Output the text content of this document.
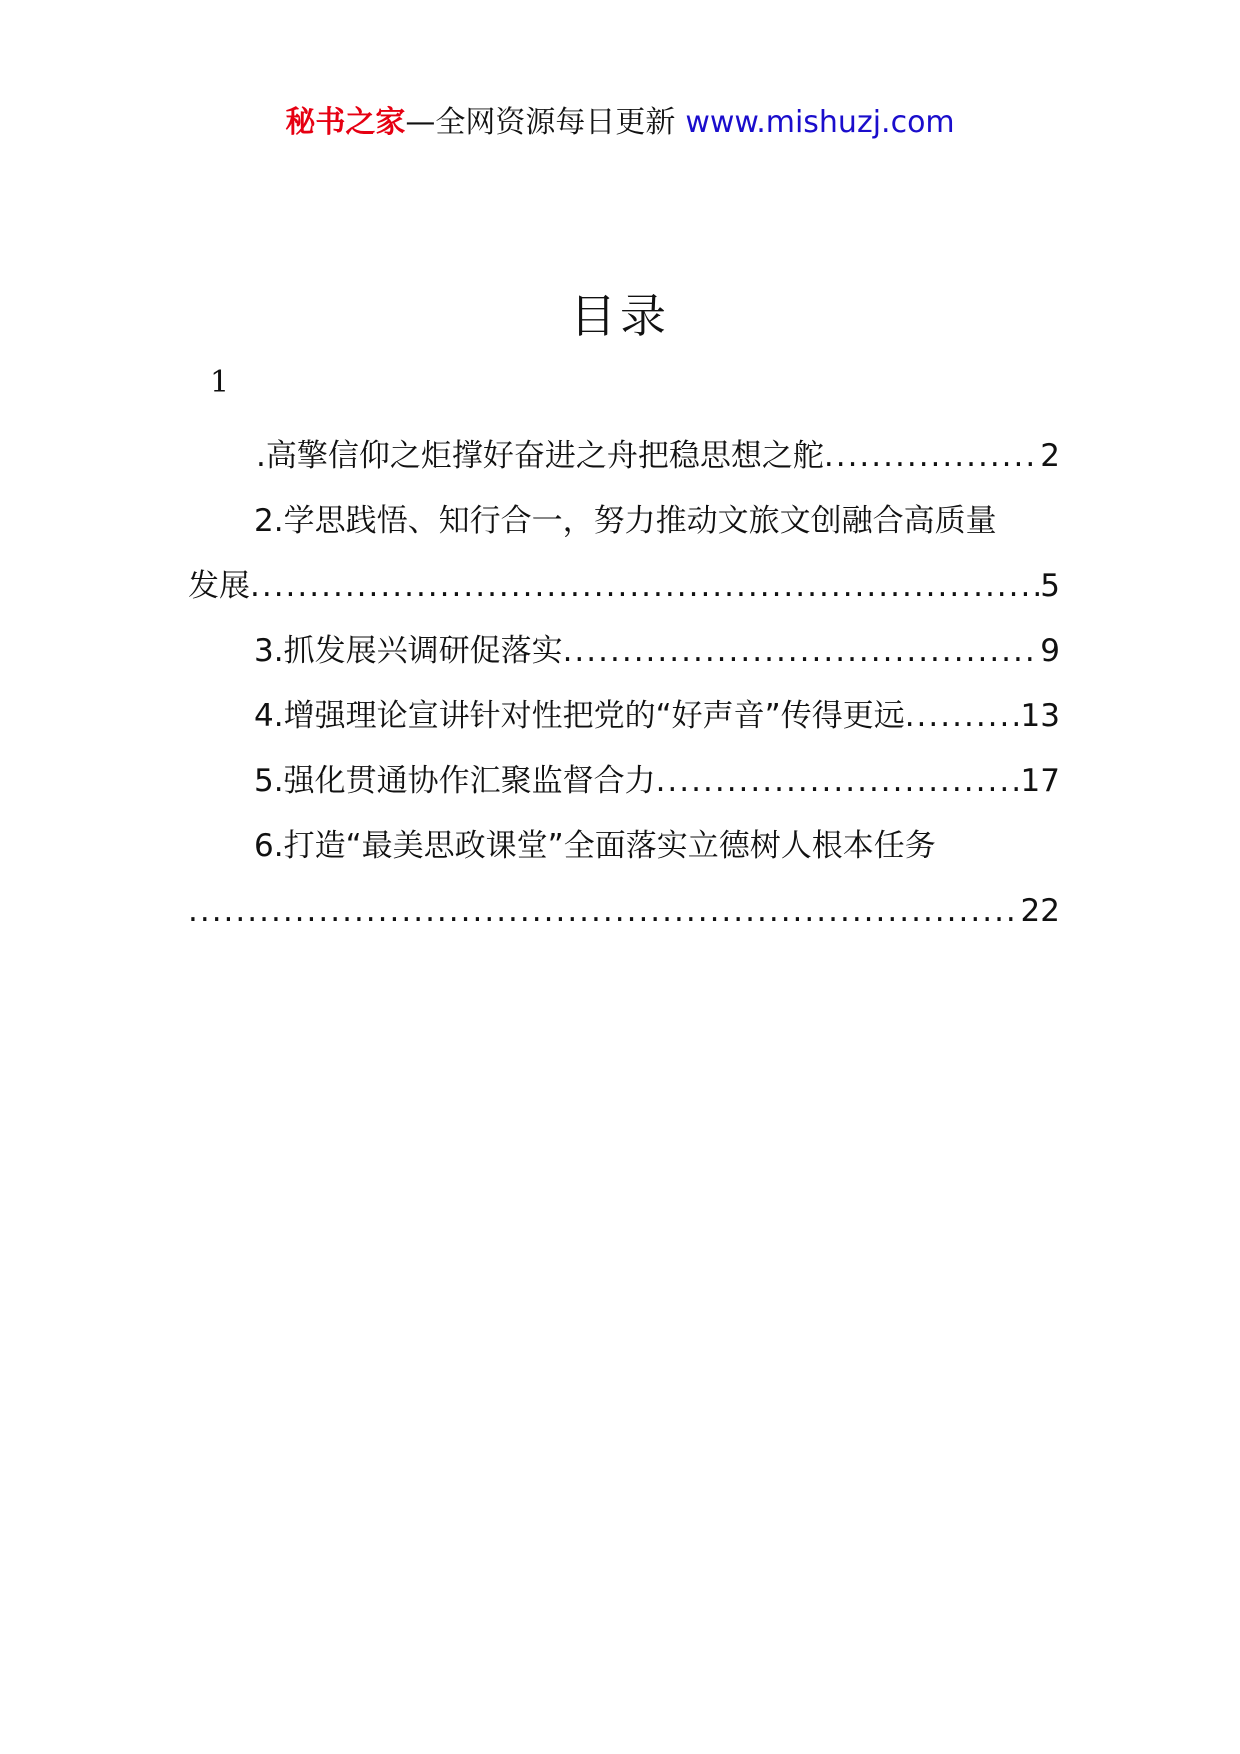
秘书之家—全网资源每日更新 www.mishuzj.com
目录
1
.高擎信仰之炬撑好奋进之舟把稳思想之舵 .....	2
2.学思践悟、知行合一，努力推动文旅文创融合高质量
发展 .....	5
3.抓发展兴调研促落实 .....	9
4.增强理论宣讲针对性把党的“好声音”传得更远 .....	13
5.强化贯通协作汇聚监督合力 .....	17
6.打造“最美思政课堂”全面落实立德树人根本任务
.....
22
